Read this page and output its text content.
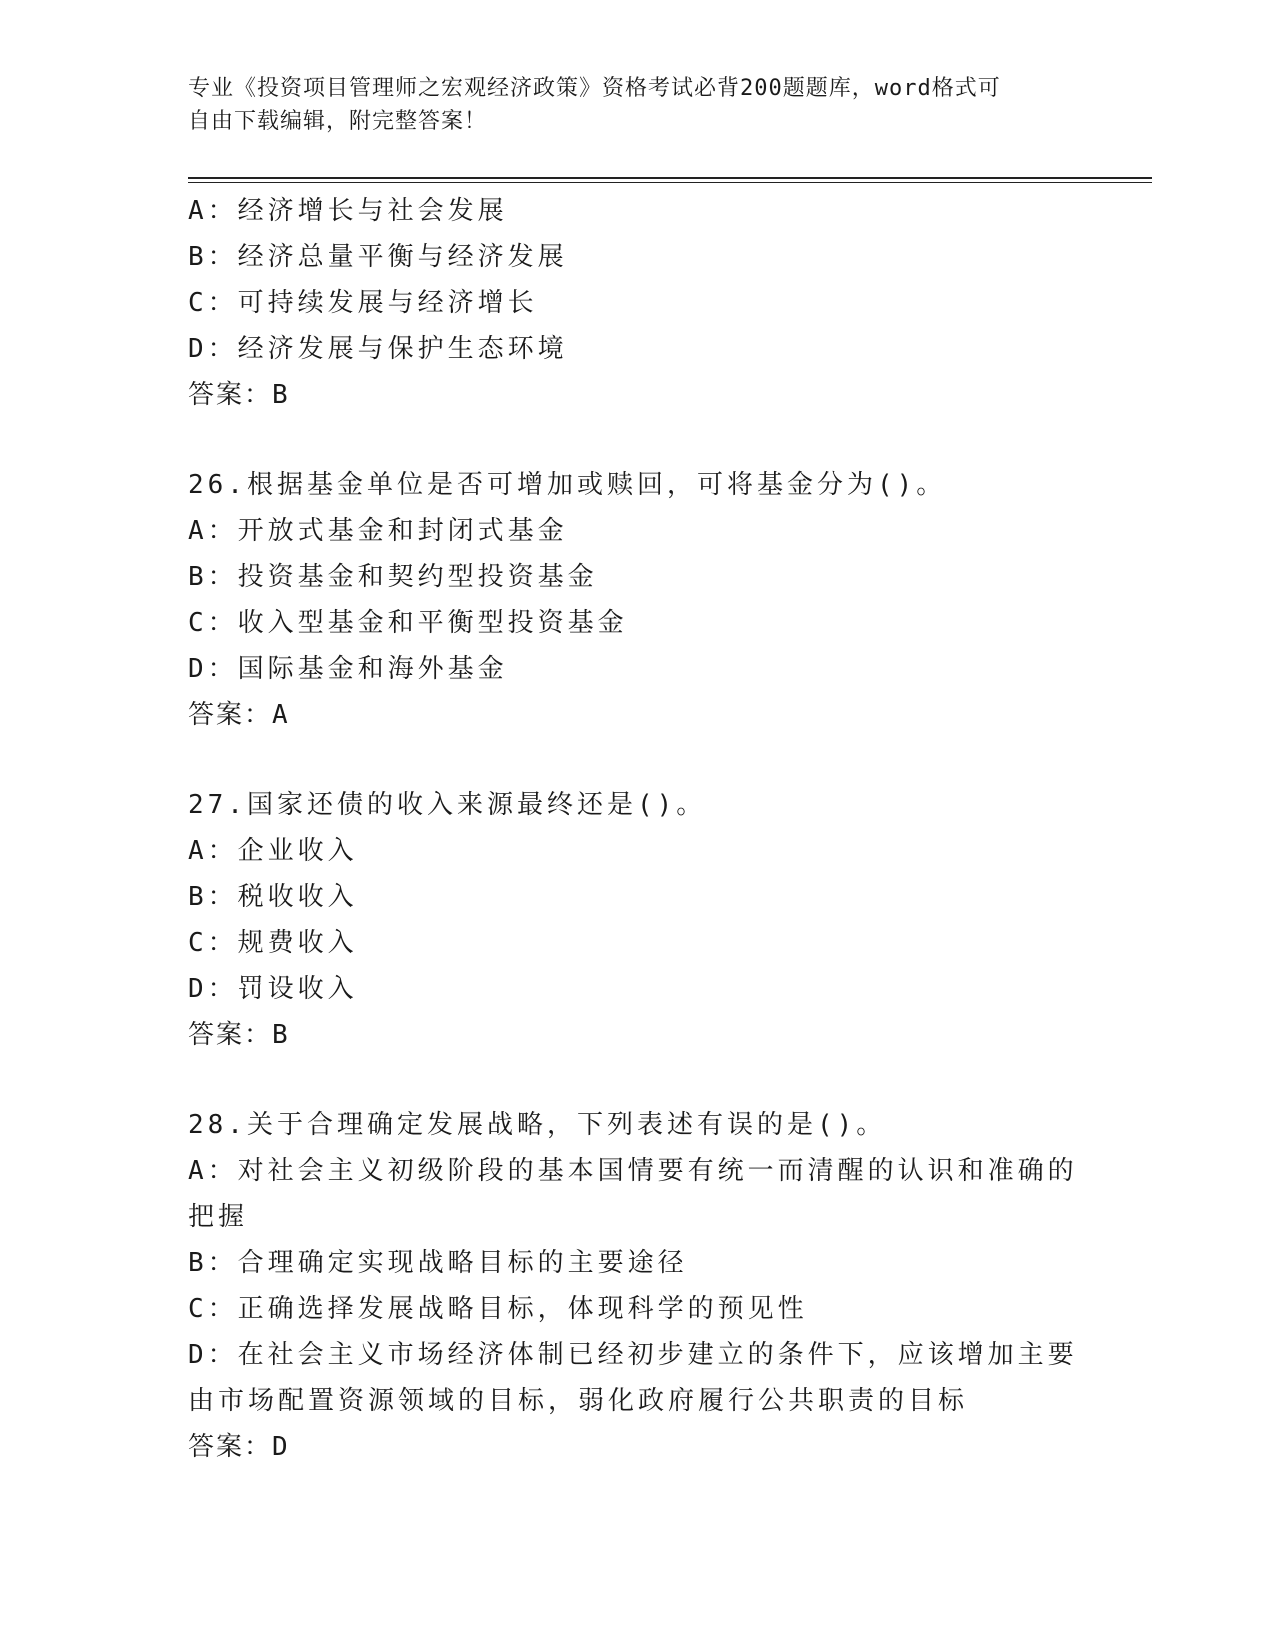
专业《投资项目管理师之宏观经济政策》资格考试必背200题题库，word格式可
自由下载编辑，附完整答案！

A：经济增长与社会发展

B：经济总量平衡与经济发展

C：可持续发展与经济增长

D：经济发展与保护生态环境

答案：B

26.根据基金单位是否可增加或赎回，可将基金分为()。

A：开放式基金和封闭式基金

B：投资基金和契约型投资基金

C：收入型基金和平衡型投资基金

D：国际基金和海外基金

答案：A

27.国家还债的收入来源最终还是()。

A：企业收入

B：税收收入

C：规费收入

D：罚设收入

答案：B

28.关于合理确定发展战略，下列表述有误的是()。

A：对社会主义初级阶段的基本国情要有统一而清醒的认识和准确的把握

B：合理确定实现战略目标的主要途径

C：正确选择发展战略目标，体现科学的预见性

D：在社会主义市场经济体制已经初步建立的条件下，应该增加主要由市场配置资源领域的目标，弱化政府履行公共职责的目标

答案：D
